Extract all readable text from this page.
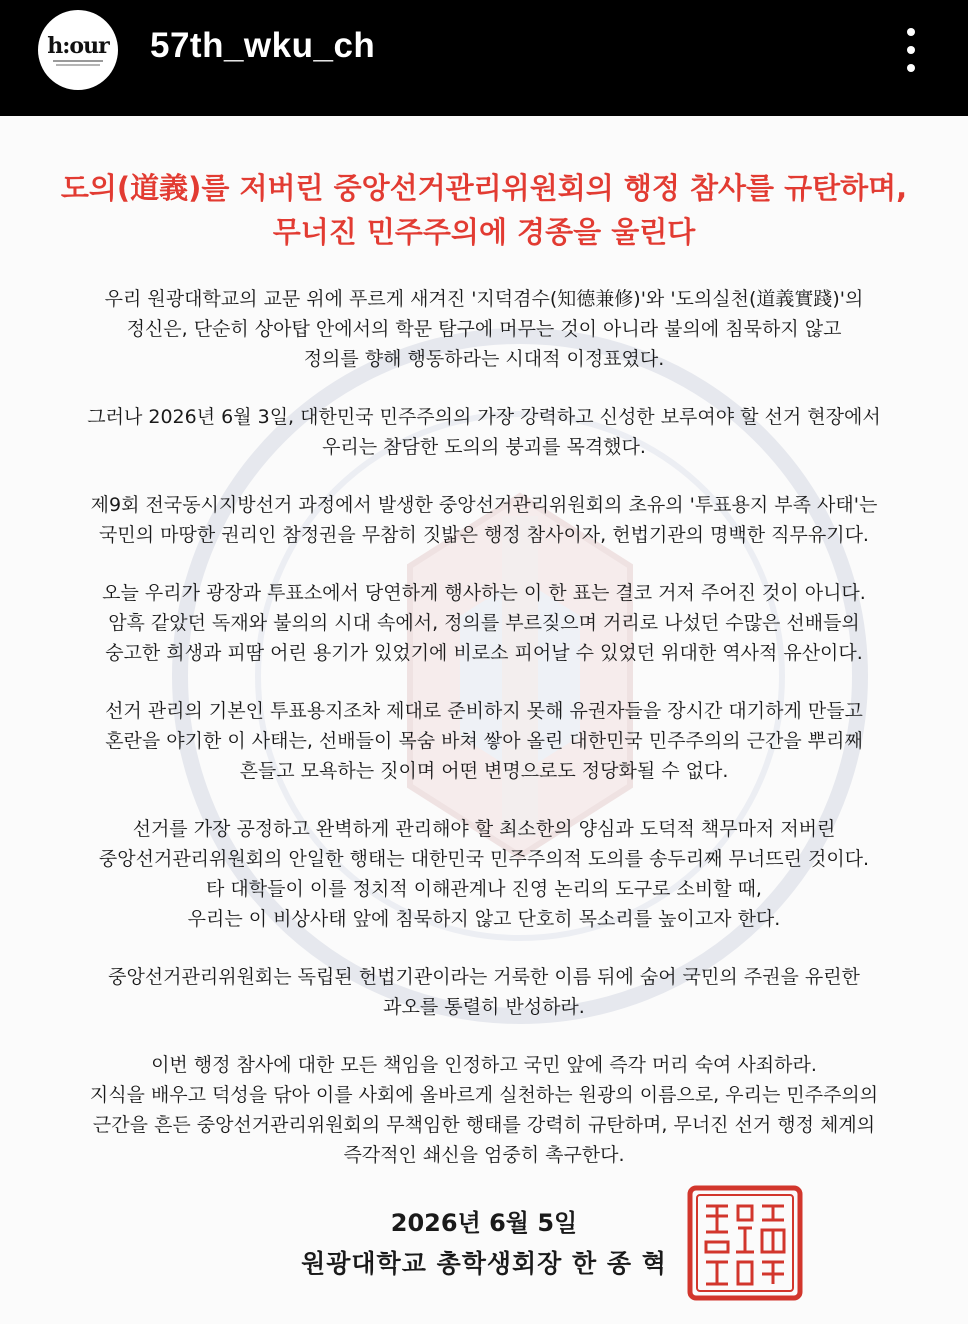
h:our 57th_wku_ch
도의(道義)를 저버린 중앙선거관리위원회의 행정 참사를 규탄하며,
무너진 민주주의에 경종을 울린다

우리 원광대학교의 교문 위에 푸르게 새겨진 '지덕겸수(知德兼修)'와 '도의실천(道義實踐)'의
정신은, 단순히 상아탑 안에서의 학문 탐구에 머무는 것이 아니라 불의에 침묵하지 않고
정의를 향해 행동하라는 시대적 이정표였다.

그러나 2026년 6월 3일, 대한민국 민주주의의 가장 강력하고 신성한 보루여야 할 선거 현장에서
우리는 참담한 도의의 붕괴를 목격했다.

제9회 전국동시지방선거 과정에서 발생한 중앙선거관리위원회의 초유의 '투표용지 부족 사태'는
국민의 마땅한 권리인 참정권을 무참히 짓밟은 행정 참사이자, 헌법기관의 명백한 직무유기다.

오늘 우리가 광장과 투표소에서 당연하게 행사하는 이 한 표는 결코 거저 주어진 것이 아니다.
암흑 같았던 독재와 불의의 시대 속에서, 정의를 부르짖으며 거리로 나섰던 수많은 선배들의
숭고한 희생과 피땀 어린 용기가 있었기에 비로소 피어날 수 있었던 위대한 역사적 유산이다.

선거 관리의 기본인 투표용지조차 제대로 준비하지 못해 유권자들을 장시간 대기하게 만들고
혼란을 야기한 이 사태는, 선배들이 목숨 바쳐 쌓아 올린 대한민국 민주주의의 근간을 뿌리째
흔들고 모욕하는 짓이며 어떤 변명으로도 정당화될 수 없다.

선거를 가장 공정하고 완벽하게 관리해야 할 최소한의 양심과 도덕적 책무마저 저버린
중앙선거관리위원회의 안일한 행태는 대한민국 민주주의적 도의를 송두리째 무너뜨린 것이다.
타 대학들이 이를 정치적 이해관계나 진영 논리의 도구로 소비할 때,
우리는 이 비상사태 앞에 침묵하지 않고 단호히 목소리를 높이고자 한다.

중앙선거관리위원회는 독립된 헌법기관이라는 거룩한 이름 뒤에 숨어 국민의 주권을 유린한
과오를 통렬히 반성하라.

이번 행정 참사에 대한 모든 책임을 인정하고 국민 앞에 즉각 머리 숙여 사죄하라.
지식을 배우고 덕성을 닦아 이를 사회에 올바르게 실천하는 원광의 이름으로, 우리는 민주주의의
근간을 흔든 중앙선거관리위원회의 무책임한 행태를 강력히 규탄하며, 무너진 선거 행정 체계의
즉각적인 쇄신을 엄중히 촉구한다.

2026년 6월 5일
원광대학교 총학생회장 한 종 혁
